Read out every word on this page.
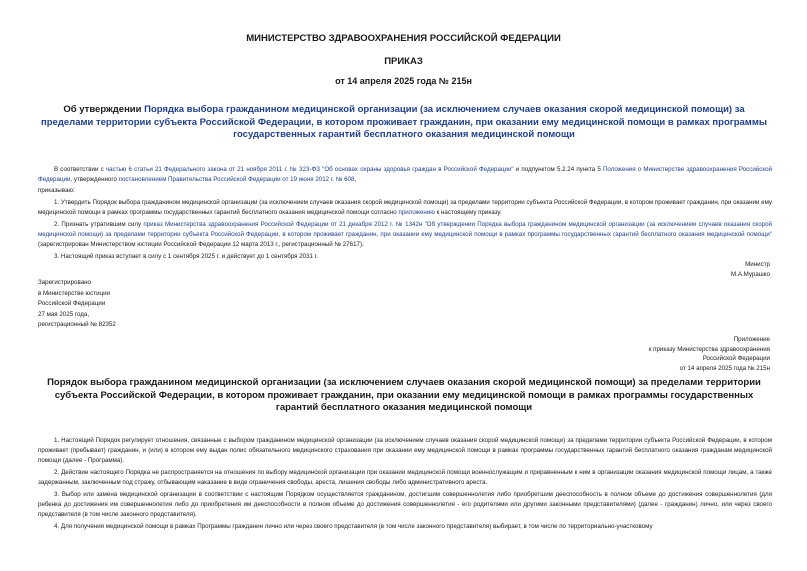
МИНИСТЕРСТВО ЗДРАВООХРАНЕНИЯ РОССИЙСКОЙ ФЕДЕРАЦИИ
ПРИКАЗ
от 14 апреля 2025 года № 215н
Об утверждении Порядка выбора гражданином медицинской организации (за исключением случаев оказания скорой медицинской помощи) за пределами территории субъекта Российской Федерации, в котором проживает гражданин, при оказании ему медицинской помощи в рамках программы государственных гарантий бесплатного оказания медицинской помощи
В соответствии с частью 6 статьи 21 Федерального закона от 21 ноября 2011 г. № 323-ФЗ "Об основах охраны здоровья граждан в Российской Федерации" и подпунктом 5.2.24 пункта 5 Положения о Министерстве здравоохранения Российской Федерации, утвержденного постановлением Правительства Российской Федерации от 19 июня 2012 г. № 608,
приказываю:
1. Утвердить Порядок выбора гражданином медицинской организации (за исключением случаев оказания скорой медицинской помощи) за пределами территории субъекта Российской Федерации, в котором проживает гражданин, при оказании ему медицинской помощи в рамках программы государственных гарантий бесплатного оказания медицинской помощи согласно приложению к настоящему приказу.
2. Признать утратившим силу приказ Министерства здравоохранения Российской Федерации от 21 декабря 2012 г. № 1342н "Об утверждении Порядка выбора гражданином медицинской организации (за исключением случаев оказания скорой медицинской помощи) за пределами территории субъекта Российской Федерации, в котором проживает гражданин, при оказании ему медицинской помощи в рамках программы государственных гарантий бесплатного оказания медицинской помощи" (зарегистрирован Министерством юстиции Российской Федерации 12 марта 2013 г., регистрационный № 27617).
3. Настоящий приказ вступает в силу с 1 сентября 2025 г. и действует до 1 сентября 2031 г.
Министр
М.А.Мурашко
Зарегистрировано
в Министерстве юстиции
Российской Федерации
27 мая 2025 года,
регистрационный № 82352
Приложение
к приказу Министерства здравоохранения
Российской Федерации
от 14 апреля 2025 года № 215н
Порядок выбора гражданином медицинской организации (за исключением случаев оказания скорой медицинской помощи) за пределами территории субъекта Российской Федерации, в котором проживает гражданин, при оказании ему медицинской помощи в рамках программы государственных гарантий бесплатного оказания медицинской помощи
1. Настоящий Порядок регулирует отношения, связанные с выбором гражданином медицинской организации (за исключением случаев оказания скорой медицинской помощи) за пределами территории субъекта Российской Федерации, в котором проживает (пребывает) гражданин, и (или) в котором ему выдан полис обязательного медицинского страхования при оказании ему медицинской помощи в рамках программы государственных гарантий бесплатного оказания гражданам медицинской помощи (далее - Программа).
2. Действие настоящего Порядка не распространяется на отношения по выбору медицинской организации при оказании медицинской помощи военнослужащим и приравненным к ним в организации оказания медицинской помощи лицам, а также задержанным, заключенным под стражу, отбывающим наказание в виде ограничения свободы, ареста, лишения свободы либо административного ареста.
3. Выбор или замена медицинской организации в соответствии с настоящим Порядком осуществляется гражданином, достигшим совершеннолетия либо приобретшим дееспособность в полном объеме до достижения совершеннолетия (для ребенка до достижения им совершеннолетия либо до приобретения им дееспособности в полном объеме до достижения совершеннолетия - его родителями или другими законными представителями) (далее - гражданин) лично, или через своего представителя (в том числе законного представителя).
4. Для получения медицинской помощи в рамках Программы гражданин лично или через своего представителя (в том числе законного представителя) выбирает, в том числе по территориально-участковому
